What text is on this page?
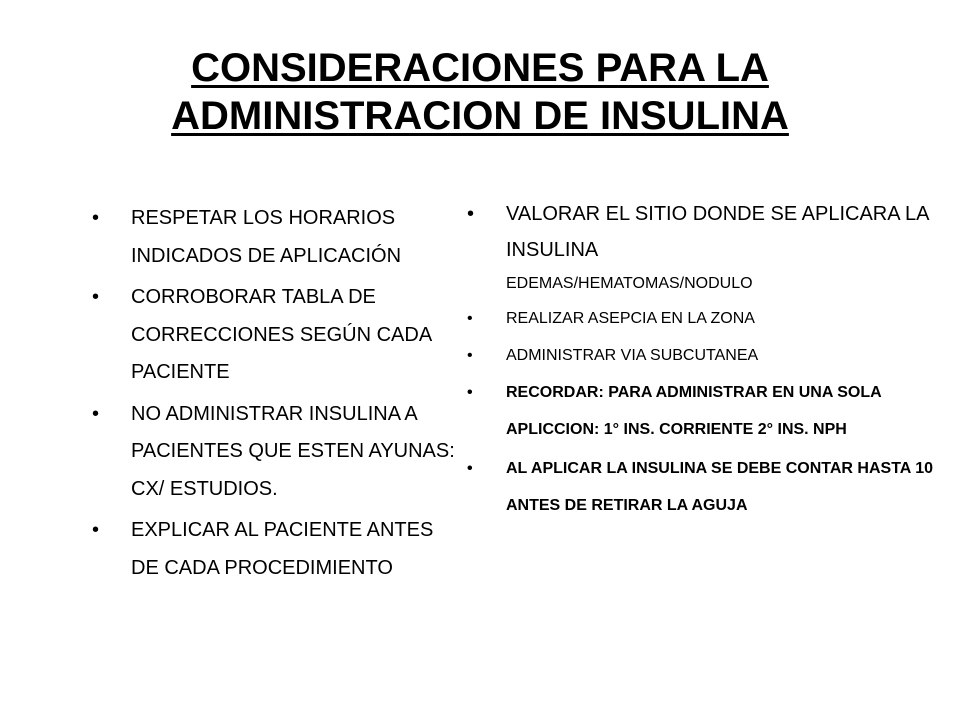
CONSIDERACIONES PARA LA
ADMINISTRACION DE INSULINA
• RESPETAR LOS HORARIOS INDICADOS DE APLICACIÓN
• CORROBORAR TABLA DE CORRECCIONES SEGÚN CADA PACIENTE
• NO ADMINISTRAR INSULINA A PACIENTES QUE ESTEN AYUNAS: CX/ ESTUDIOS.
• EXPLICAR AL PACIENTE ANTES DE CADA PROCEDIMIENTO
• VALORAR EL SITIO DONDE SE APLICARA LA INSULINA
EDEMAS/HEMATOMAS/NODULO
• REALIZAR ASEPCIA EN LA ZONA
• ADMINISTRAR VIA SUBCUTANEA
• RECORDAR: PARA ADMINISTRAR EN UNA SOLA APLICCION: 1° INS. CORRIENTE 2° INS. NPH
• AL APLICAR LA INSULINA SE DEBE CONTAR HASTA 10 ANTES DE RETIRAR LA AGUJA
